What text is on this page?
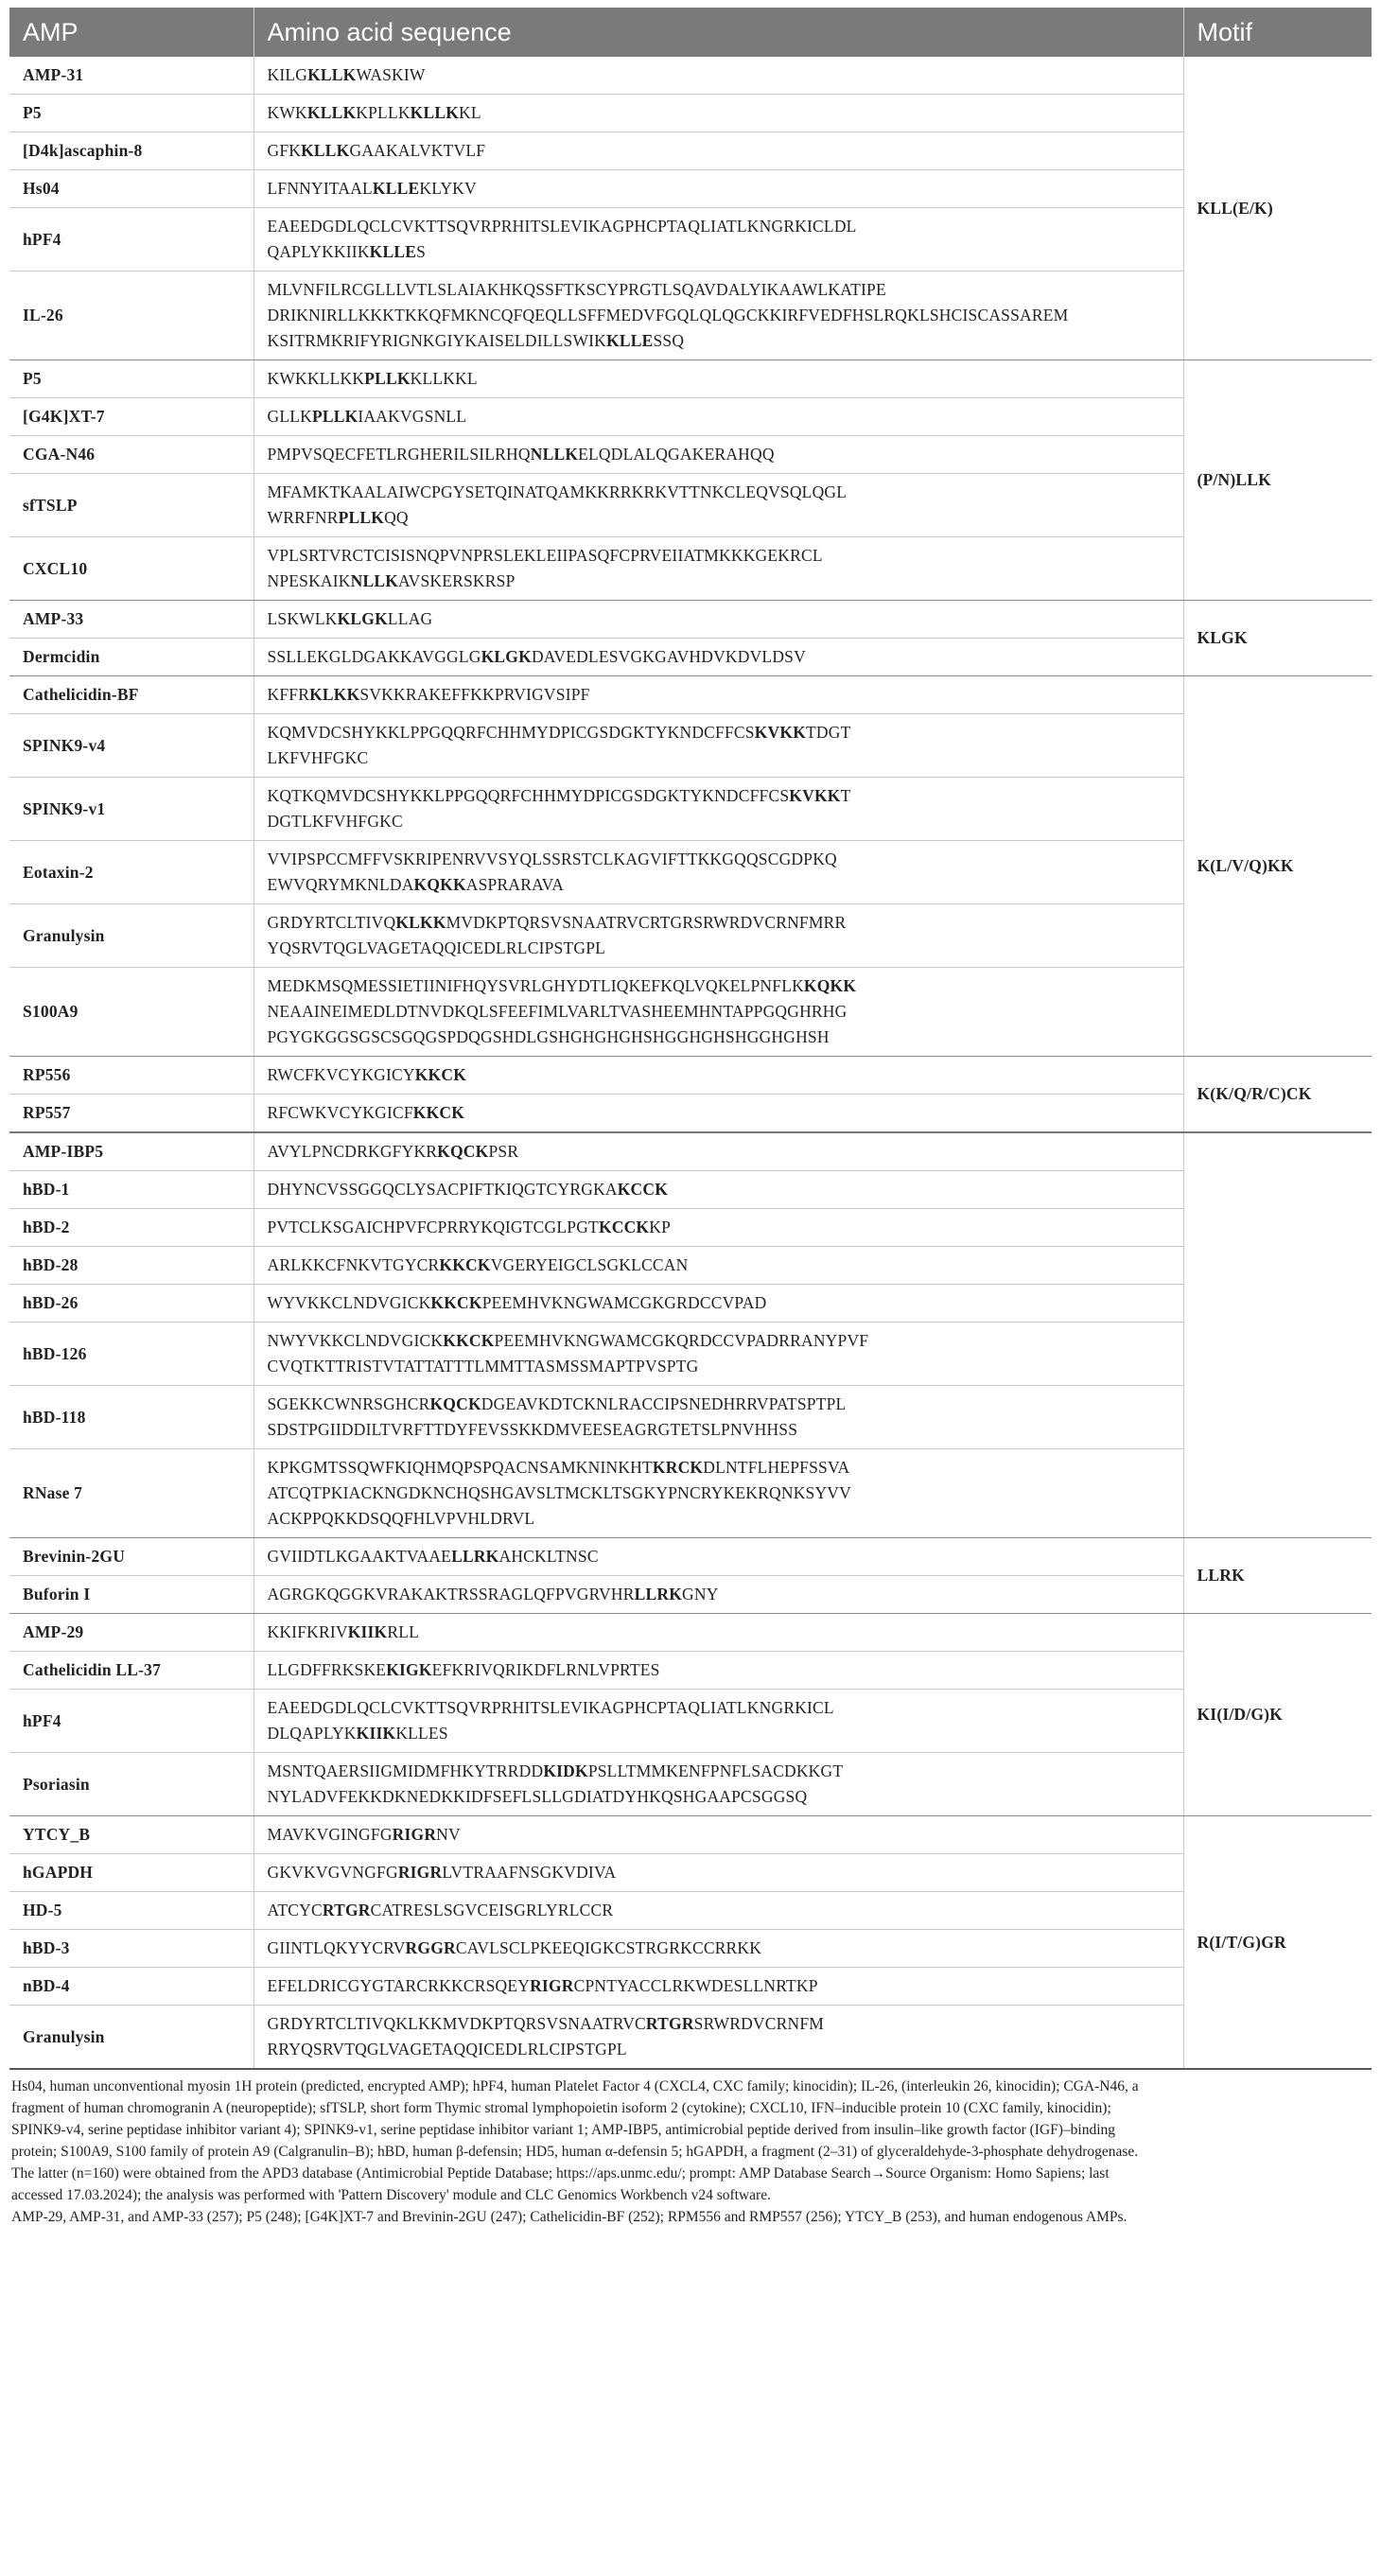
AMP	Amino acid sequence	Motif
AMP-31	KILGKLLKWASKIW	KLL(E/K)
P5	KWKKLLKKPLLKKLLKKL	

[D4k]ascaphin-8	GFKKLLKGAAKALVKTVLF	

Hs04	LFNNYITAALKLLEKLYKV	

hPF4	EAEEDGDLQCLCVKTTSQVRPRHITSLEVIKAGPHCPTAQLIATLKNGRKICLDL
QAPLYKKIIKKLLES	

IL-26	MLVNFILRCGLLLVTLSLAIAKHKQSSFTKSCYPRGTLSQAVDALYIKAAWLKATIPE
DRIKNIRLLKKKTKKQFMKNCQFQEQLLSFFMEDVFGQLQLQGCKKIRFVEDFHSLRQKLSHCISCASSAREM
KSITRMKRIFYRIGNKGIYKAISELDILLSWIKKLLESSQ	

P5	KWKKLLKKPLLKKLLKKL	(P/N)LLK
[G4K]XT-7	GLLKPLLKIAAKVGSNLL	

CGA-N46	PMPVSQECFETLRGHERILSILRHQNLLKELQDLALQGAKERAHQQ	

sfTSLP	MFAMKTKAALAIWCPGYSETQINATQAMKKRRKRKVTTNKCLEQVSQLQGL
WRRFNRPLLKQQ	

CXCL10	VPLSRTVRCTCISISNQPVNPRSLEKLEIIPASQFCPRVEIIATMKKKGEKRCL
NPESKAIKNLLKAVSKERSKRSP	

AMP-33	LSKWLKKLGKLLAG	KLGK
Dermcidin	SSLLEKGLDGAKKAVGGLGKLGKDAVEDLESVGKGAVHDVKDVLDSV	

Cathelicidin-BF	KFFRKLKKSVKKRAKEFFKKPRVIGVSIPF	K(L/V/Q)KK
SPINK9-v4	KQMVDCSHYKKLPPGQQRFCHHMYDPICGSDGKTYKNDCFFCSKVKKTDGT
LKFVHFGKC	

SPINK9-v1	KQTKQMVDCSHYKKLPPGQQRFCHHMYDPICGSDGKTYKNDCFFCSKVKKT
DGTLKFVHFGKC	

Eotaxin-2	VVIPSPCCMFFVSKRIPENRVVSYQLSSRSTCLKAGVIFTTKKGQQSCGDPKQ
EWVQRYMKNLDAKQKKASPRARAVA	

Granulysin	GRDYRTCLTIVQKLKKMVDKPTQRSVSNAATRVCRTGRSRWRDVCRNFMRR
YQSRVTQGLVAGETAQQICEDLRLCIPSTGPL	

S100A9	MEDKMSQMESSIETIINIFHQYSVRLGHYDTLIQKEFKQLVQKELPNFLKKQKK
NEAAINEIMEDLDTNVDKQLSFEEFIMLVARLTVASHEEMHNTAPPGQGHRHG
PGYGKGGSGSCSGQGSPDQGSHDLGSHGHGHGHSHGGHGHSHGGHGHSH	

RP556	RWCFKVCYKGICYKKCK	K(K/Q/R/C)CK
RP557	RFCWKVCYKGICFKKCK	

AMP-IBP5	AVYLPNCDRKGFYKRKQCKPSR	

hBD-1	DHYNCVSSGGQCLYSACPIFTKIQGTCYRGKAKCCK	

hBD-2	PVTCLKSGAICHPVFCPRRYKQIGTCGLPGTKCCKKP	

hBD-28	ARLKKCFNKVTGYCRKKCKVGERYEIGCLSGKLCCAN	

hBD-26	WYVKKCLNDVGICKKKCKPEEMHVKNGWAMCGKGRDCCVPAD	

hBD-126	NWYVKKCLNDVGICKKKCKPEEMHVKNGWAMCGKQRDCCVPADRRANYPVF
CVQTKTTRISTVTATTATTTLMMTTASMSSMAPTPVSPTG	

hBD-118	SGEKKCWNRSGHCRKQCKDGEAVKDTCKNLRACCIPSNEDHRRVPATSPTPL
SDSTPGIIDDILTVRFTTDYFEVSSKKDMVEESEAGRGTETSLPNVHHSS	

RNase 7	KPKGMTSSQWFKIQHMQPSPQACNSAMKNINKHTKRCKDLNTFLHEPFSSVA
ATCQTPKIACKNGDKNCHQSHGAVSLTMCKLTSGKYPNCRYKEKRQNKSYVV
ACKPPQKKDSQQFHLVPVHLDRVL	

Brevinin-2GU	GVIIDTLKGAAKTVAAELLRKAHCKLTNSC	LLRK
Buforin I	AGRGKQGGKVRAKAKTRSSRAGLQFPVGRVHRLLRKGNY	

AMP-29	KKIFKRIVKIIKRLL	KI(I/D/G)K
Cathelicidin LL-37	LLGDFFRKSKEKIGKEFKRIVQRIKDFLRNLVPRTES	

hPF4	EAEEDGDLQCLCVKTTSQVRPRHITSLEVIKAGPHCPTAQLIATLKNGRKICL
DLQAPLYKKIIKKLLES	

Psoriasin	MSNTQAERSIIGMIDMFHKYTRRDDKIDKPSLLTMMKENFPNFLSACDKKGT
NYLADVFEKKDKNEDKKIDFSEFLSLLGDIATDYHKQSHGAAPCSGGSQ	

YTCY_B	MAVKVGINGFGRIGRNV	R(I/T/G)GR
hGAPDH	GKVKVGVNGFGRIGRLVTRAAFNSGKVDIVA	

HD-5	ATCYCRTGRCATRESLSGVCEISGRLYRLCCR	

hBD-3	GIINTLQKYYCRVRGGRCAVLSCLPKEEQIGKCSTRGRKCCRRKK	

nBD-4	EFELDRICGYGTARCRKKCRSQEYRIGRCPNTYACCLRKWDESLLNRTKP	

Granulysin	GRDYRTCLTIVQKLKKMVDKPTQRSVSNAATRVCRTGRSRWRDVCRNFM
RRYQSRVTQGLVAGETAQQICEDLRLCIPSTGPL	
Hs04, human unconventional myosin 1H protein (predicted, encrypted AMP); hPF4, human Platelet Factor 4 (CXCL4, CXC family; kinocidin); IL-26, (interleukin 26, kinocidin); CGA-N46, a
fragment of human chromogranin A (neuropeptide); sfTSLP, short form Thymic stromal lymphopoietin isoform 2 (cytokine); CXCL10, IFN–inducible protein 10 (CXC family, kinocidin);
SPINK9-v4, serine peptidase inhibitor variant 4); SPINK9-v1, serine peptidase inhibitor variant 1; AMP-IBP5, antimicrobial peptide derived from insulin–like growth factor (IGF)–binding
protein; S100A9, S100 family of protein A9 (Calgranulin–B); hBD, human β-defensin; HD5, human α-defensin 5; hGAPDH, a fragment (2–31) of glyceraldehyde-3-phosphate dehydrogenase.
The latter (n=160) were obtained from the APD3 database (Antimicrobial Peptide Database; https://aps.unmc.edu/; prompt: AMP Database Search→Source Organism: Homo Sapiens; last
accessed 17.03.2024); the analysis was performed with 'Pattern Discovery' module and CLC Genomics Workbench v24 software.
AMP-29, AMP-31, and AMP-33 (257); P5 (248); [G4K]XT-7 and Brevinin-2GU (247); Cathelicidin-BF (252); RPM556 and RMP557 (256); YTCY_B (253), and human endogenous AMPs.
